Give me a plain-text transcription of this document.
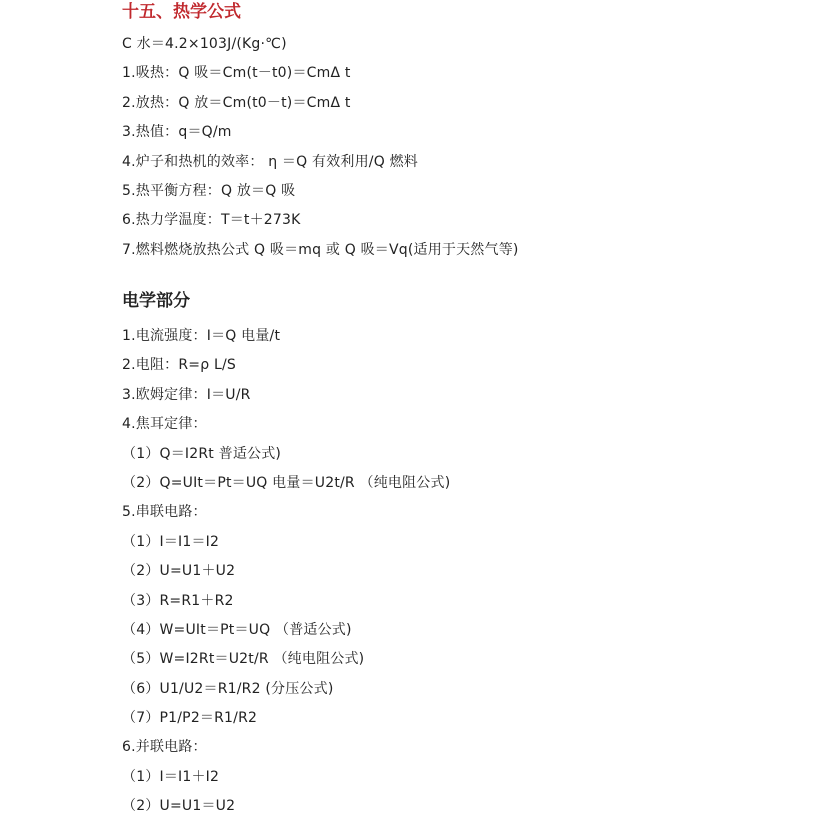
十五、热学公式
C 水＝4.2×103J/(Kg·℃)
1.吸热：Q 吸＝Cm(t－t0)＝CmΔ t
2.放热：Q 放＝Cm(t0－t)＝CmΔ t
3.热值：q＝Q/m
4.炉子和热机的效率： η ＝Q 有效利用/Q 燃料
5.热平衡方程：Q 放＝Q 吸
6.热力学温度：T＝t＋273K
7.燃料燃烧放热公式 Q 吸＝mq 或 Q 吸＝Vq(适用于天然气等)
电学部分
1.电流强度：I＝Q 电量/t
2.电阻：R=ρ L/S
3.欧姆定律：I＝U/R
4.焦耳定律：
（1）Q＝I2Rt 普适公式)
（2）Q=UIt＝Pt＝UQ 电量＝U2t/R （纯电阻公式)
5.串联电路：
（1）I＝I1＝I2
（2）U=U1＋U2
（3）R=R1＋R2
（4）W=UIt＝Pt＝UQ （普适公式)
（5）W=I2Rt＝U2t/R （纯电阻公式)
（6）U1/U2＝R1/R2 (分压公式)
（7）P1/P2＝R1/R2
6.并联电路：
（1）I＝I1＋I2
（2）U=U1＝U2
